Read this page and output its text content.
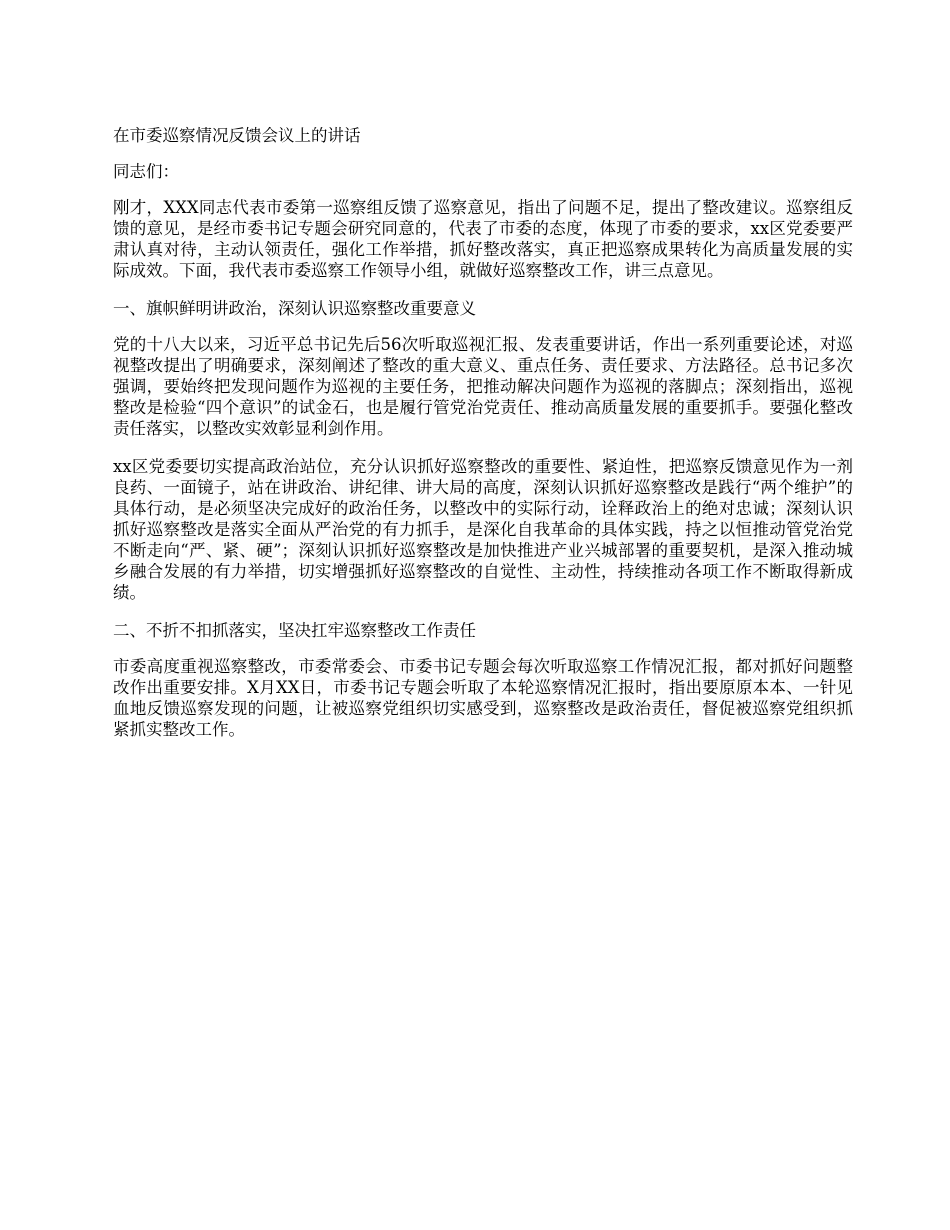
在市委巡察情况反馈会议上的讲话

同志们：

刚才，XXX同志代表市委第一巡察组反馈了巡察意见，指出了问题不足，提出了整改建议。巡察组反馈的意见，是经市委书记专题会研究同意的，代表了市委的态度，体现了市委的要求，xx区党委要严肃认真对待，主动认领责任，强化工作举措，抓好整改落实，真正把巡察成果转化为高质量发展的实际成效。下面，我代表市委巡察工作领导小组，就做好巡察整改工作，讲三点意见。

一、旗帜鲜明讲政治，深刻认识巡察整改重要意义

党的十八大以来，习近平总书记先后56次听取巡视汇报、发表重要讲话，作出一系列重要论述，对巡视整改提出了明确要求，深刻阐述了整改的重大意义、重点任务、责任要求、方法路径。总书记多次强调，要始终把发现问题作为巡视的主要任务，把推动解决问题作为巡视的落脚点；深刻指出，巡视整改是检验“四个意识”的试金石，也是履行管党治党责任、推动高质量发展的重要抓手。要强化整改责任落实，以整改实效彰显利剑作用。

xx区党委要切实提高政治站位，充分认识抓好巡察整改的重要性、紧迫性，把巡察反馈意见作为一剂良药、一面镜子，站在讲政治、讲纪律、讲大局的高度，深刻认识抓好巡察整改是践行“两个维护”的具体行动，是必须坚决完成好的政治任务，以整改中的实际行动，诠释政治上的绝对忠诚；深刻认识抓好巡察整改是落实全面从严治党的有力抓手，是深化自我革命的具体实践，持之以恒推动管党治党不断走向“严、紧、硬”；深刻认识抓好巡察整改是加快推进产业兴城部署的重要契机，是深入推动城乡融合发展的有力举措，切实增强抓好巡察整改的自觉性、主动性，持续推动各项工作不断取得新成绩。

二、不折不扣抓落实，坚决扛牢巡察整改工作责任

市委高度重视巡察整改，市委常委会、市委书记专题会每次听取巡察工作情况汇报，都对抓好问题整改作出重要安排。X月XX日，市委书记专题会听取了本轮巡察情况汇报时，指出要原原本本、一针见血地反馈巡察发现的问题，让被巡察党组织切实感受到，巡察整改是政治责任，督促被巡察党组织抓紧抓实整改工作。
